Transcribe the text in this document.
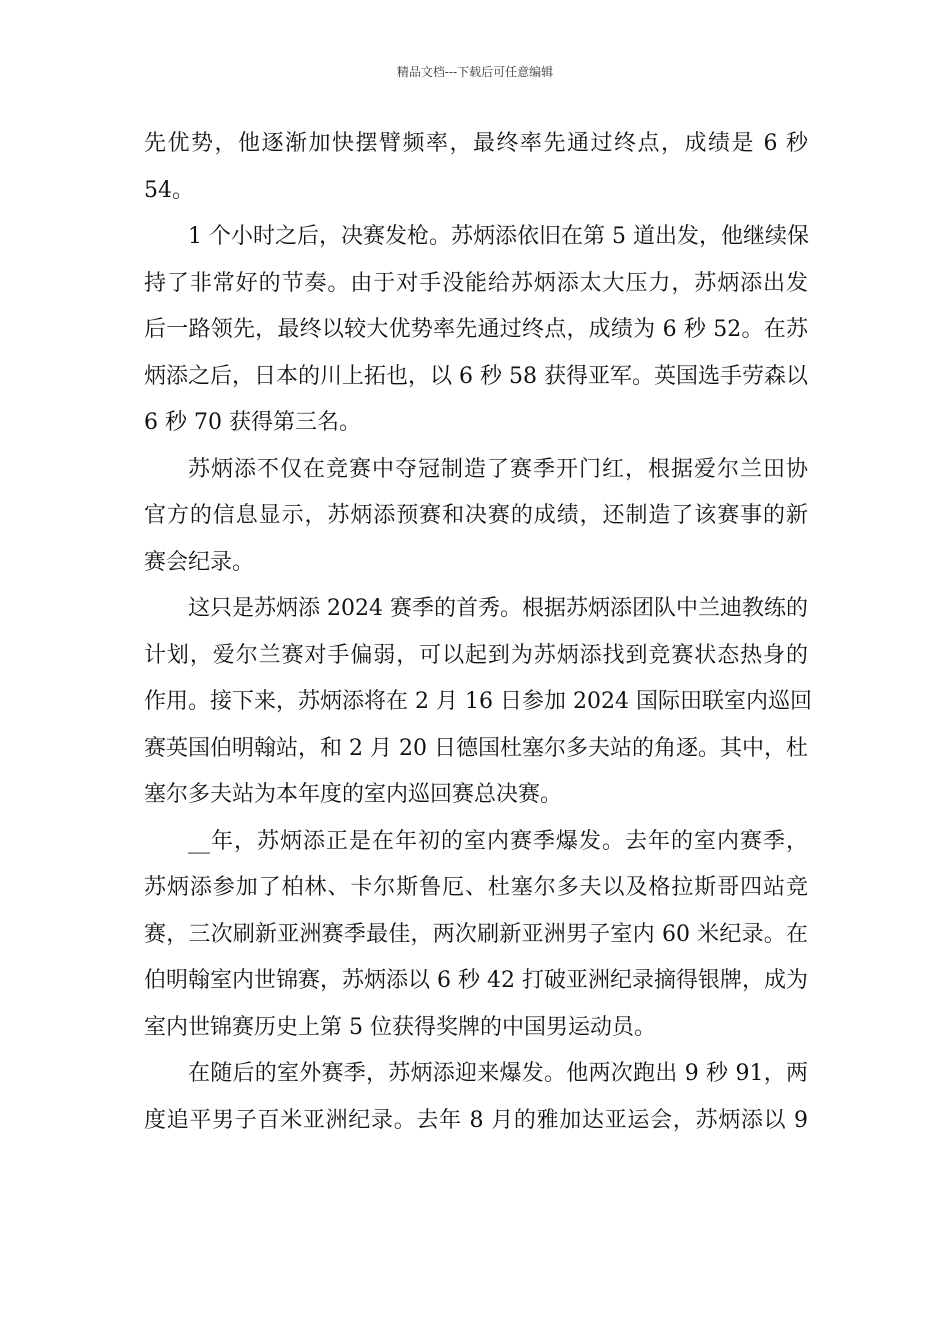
精品文档---下载后可任意编辑
先优势，他逐渐加快摆臂频率，最终率先通过终点，成绩是 6 秒
54。
1 个小时之后，决赛发枪。苏炳添依旧在第 5 道出发，他继续保
持了非常好的节奏。由于对手没能给苏炳添太大压力，苏炳添出发
后一路领先，最终以较大优势率先通过终点，成绩为 6 秒 52。在苏
炳添之后，日本的川上拓也，以 6 秒 58 获得亚军。英国选手劳森以
6 秒 70 获得第三名。
苏炳添不仅在竞赛中夺冠制造了赛季开门红，根据爱尔兰田协
官方的信息显示，苏炳添预赛和决赛的成绩，还制造了该赛事的新
赛会纪录。
这只是苏炳添 2024 赛季的首秀。根据苏炳添团队中兰迪教练的
计划，爱尔兰赛对手偏弱，可以起到为苏炳添找到竞赛状态热身的
作用。接下来，苏炳添将在 2 月 16 日参加 2024 国际田联室内巡回
赛英国伯明翰站，和 2 月 20 日德国杜塞尔多夫站的角逐。其中，杜
塞尔多夫站为本年度的室内巡回赛总决赛。
__年，苏炳添正是在年初的室内赛季爆发。去年的室内赛季，
苏炳添参加了柏林、卡尔斯鲁厄、杜塞尔多夫以及格拉斯哥四站竞
赛，三次刷新亚洲赛季最佳，两次刷新亚洲男子室内 60 米纪录。在
伯明翰室内世锦赛，苏炳添以 6 秒 42 打破亚洲纪录摘得银牌，成为
室内世锦赛历史上第 5 位获得奖牌的中国男运动员。
在随后的室外赛季，苏炳添迎来爆发。他两次跑出 9 秒 91，两
度追平男子百米亚洲纪录。去年 8 月的雅加达亚运会，苏炳添以 9
